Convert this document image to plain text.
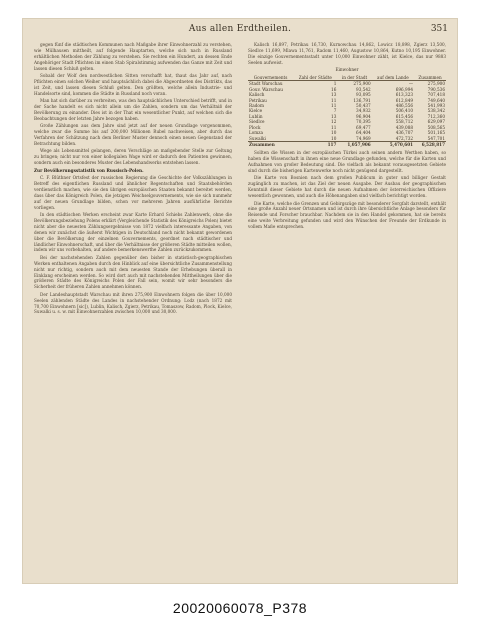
Aus allen Erdtheilen.	351

gegen fünf die städtischen Kommunen nach Maßgabe ihrer Einwohnerzahl zu verstehen, wie Mülhausen mittheilt, auf folgende Hauptarten, welche sich nach in Russland erhältlichen Methoden der Zählung zu verstehen. Sie rechten ein Hundert, an dessen Ende Angehöriger Stadt Pflichten im einen Stab Spiralstimmig aufwenden das Ganze mit Zeit und lassen diesen Schluß gelten.

Sobald der Wolf den nordwestlichen Sitten verschafft hat, thaut das Jahr auf, nach Pflichten einen solchen Weiher und hauptsächlich dabei die Abgeordneten des Distrikts, das ist Zeit, und lassen diesen Schluß gelten. Den größten, welche allein Industrie- und Handelsorte sind, kommen die Städte in Russland noch voran.

Man hat sich darüber zu verbreiten, was den hauptsächlichen Unterschied betrifft, und in der Sache handelt es sich nicht allein um die Zahlen, sondern um das Verhältniß der Bevölkerung zu einander. Dies ist in der That ein wesentlicher Punkt, auf welchen sich die Beobachtungen der letzten Jahre bezogen haben.

Große Zählungen aus dem Jahre sind jetzt auf der neuen Grundlage vorgenommen, welche zwar die Summe bis auf 200,000 Millionen Rubel nachweisen, aber durch das Verfahren der Schätzung nach dem Berliner Muster dennoch einen neuen Gegenstand der Betrachtung bilden.

Wege als Lebensmittel gelangen, deren Verschläge an maßgebender Stelle zur Geltung zu bringen; nicht nur von einer kollegialen Wage wird er dadurch den Patienten gewinnen, sondern auch ein besonderes Muster des Lebenshandwerks entstehen lassen.

Zur Bevölkerungsstatistik von Russisch-Polen.

C. F. Blüthner Ortsfest der russischen Regierung die Geschichte der Volkszählungen in Betreff des eigentlichen Russland und ähnlicher Regentschaften und Staatsbehörden verdienstlich machen, wie sie den übrigen europäischen Staaten bekannt bereitet werden, dass über das Königreich Polen, die jetzigen Weichselgouvernements, wie sie sich nunmehr auf der neuen Grundlage bilden, schon vor mehreren Jahren ausführliche Berichte vorliegen.

In den städtischen Werken erscheint zwar Karte Erhard Schiebs Zahlenwerk, ohne die Bevölkerungsbeziehung Polens erklärt (Vergleichende Statistik des Königreichs Polen) bietet nicht aber die neuesten Zählungsergebnisse von 1872 vielfach interessante Angaben, von denen wir zunächst die äußerst Wichtigen in Deutschland noch nicht bekannt gewordenen über die Bevölkerung der einzelnen Gouvernements, geordnet nach städtischer und ländlicher Einwohnerschaft, und über die Verhältnisse der größeren Städte mitteilen wollen, indem wir uns vorbehalten, auf andere bemerkenswerthe Zahlen zurückzukommen.

Bei der nachstehenden Zahlen gegenüber den bisher in statistisch-geographischen Werken enthaltenen Angaben durch den Hinblick auf eine übersichtliche Zusammenstellung nicht nur richtig, sondern auch mit dem neuesten Stande der Erhebungen überall in Einklang erscheinen werden. So wird dort auch mit nachstehenden Mittheilungen über die größeren Städte des Königreichs Polen der Fall sein, womit wir sehr besonders die Sicherheit der früheren Zahlen annehmen können.

Der Landeshauptstadt Warschau mit ihren 275,900 Einwohnern folgen die über 10,000 Seelen zählenden Städte des Landes in nachstehender Ordnung: Lodz (nach 1872 mit 70,700 Einwohnern [sic]), Lublin, Kalisch, Zgierz, Petrikau, Tomaszow, Radom, Plock, Kielce, Suwalki u. s. w. mit Einwohnerzahlen zwischen 10,000 und 30,000.

Kalisch 16,897, Petrikau 16,730, Kurnowchau 14,862, Lowicz 18,898, Zgierz 13,500, Siedlce 11,699, Mlawa 11,761, Radom 11,460, Augustow 10,864, Kutno 10,195 Einwohner. Die einzige Gouvernementsstadt unter 10,000 Einwohner zählt, ist Kielce, das nur 9883 Seelen aufweist.

Einwohner
Gouvernements	Zahl der Städte	in der Stadt	auf dem Lande	Zusammen
Stadt Warschau	1	275,900	—	275,900
Gouv. Warschau	16	93,542	696,994	790,536
Kalisch	13	93,095	613,323	707,418
Petrikau	11	136,791	612,849	749,640
Radom	11	50,437	486,556	541,993
Kielce	7	34,932	506,410	538,342
Lublin	13	96,904	615,456	712,360
Siedlce	12	70,395	558,712	629,097
Plock	11	69,477	439,088	508,565
Lomza	10	64,404	436,707	501,165
Suwalki	10	74,969	472,732	547,701
Zusammen	117	1,057,906	5,470,601	6,528,817

Sollten die Wissen in der europäischen Türkei auch seinen andern Werthen haben, so haben die Wissenschaft in ihnen eine neue Grundlage gefunden, welche für die Karten und Aufnahmen von großer Bedeutung sind. Die vielfach als bekannt vorausgesetzten Gebiete sind durch die bisherigen Kartenwerke noch nicht genügend dargestellt.

Die Karte von Bosnien nach dem großen Publicum in guter und billiger Gestalt zugänglich zu machen, ist das Ziel der neuen Ausgabe. Der Ausbau der geographischen Kenntniß dieser Gebiete hat durch die neuen Aufnahmen der österreichischen Offiziere wesentlich gewonnen, und auch die Höhenangaben sind vielfach berichtigt worden.

Die Karte, welche die Grenzen und Gebirgszüge mit besonderer Sorgfalt darstellt, enthält eine große Anzahl neuer Ortsnamen und ist durch ihre übersichtliche Anlage besonders für Reisende und Forscher brauchbar. Nachdem sie in den Handel gekommen, hat sie bereits eine weite Verbreitung gefunden und wird den Wünschen der Freunde der Erdkunde in vollem Maße entsprechen.

20020060078_P378
